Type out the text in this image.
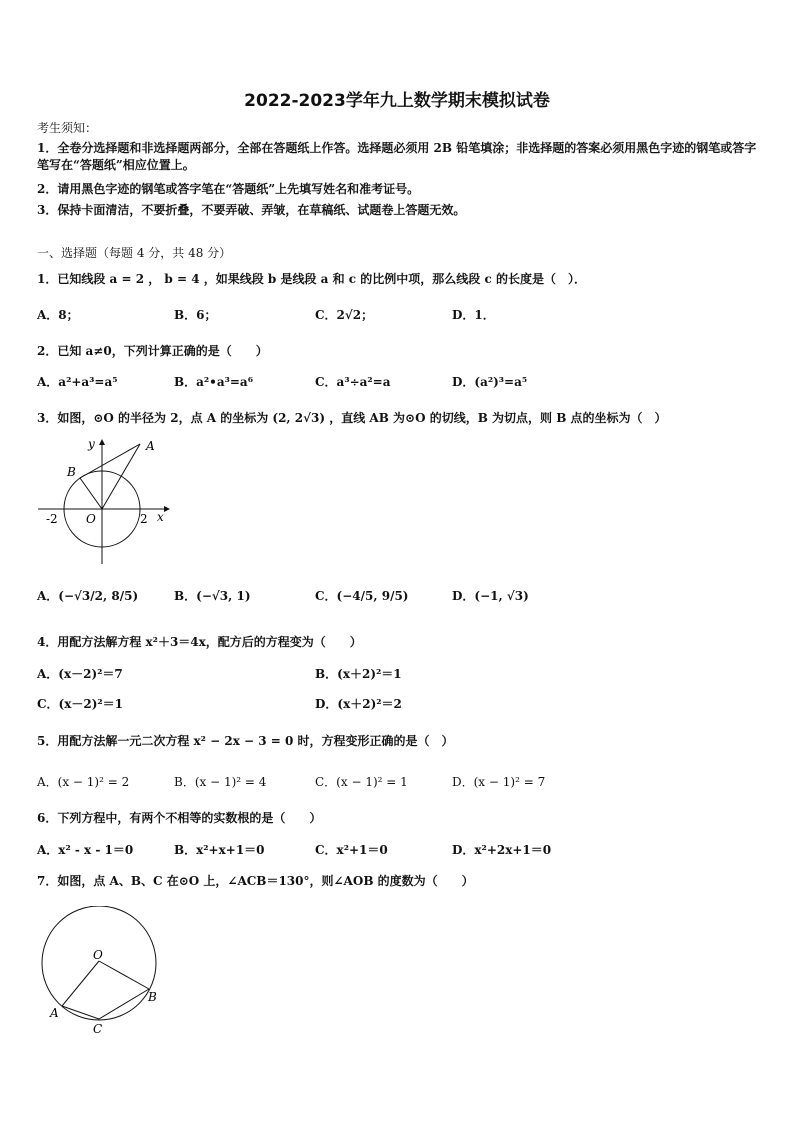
2022-2023学年九上数学期末模拟试卷
考生须知：
1．全卷分选择题和非选择题两部分，全部在答题纸上作答。选择题必须用 2B 铅笔填涂；非选择题的答案必须用黑色字迹的钢笔或答字笔写在“答题纸”相应位置上。
2．请用黑色字迹的钢笔或答字笔在“答题纸”上先填写姓名和准考证号。
3．保持卡面清洁，不要折叠，不要弄破、弄皱，在草稿纸、试题卷上答题无效。
一、选择题（每题 4 分，共 48 分）
1．已知线段 a = 2 ， b = 4 ，如果线段 b 是线段 a 和 c 的比例中项，那么线段 c 的长度是（　）．
A．8；	B．6；	C．2√2；	D．1．
2．已知 a≠0，下列计算正确的是（　　）
A．a²+a³=a⁵	B．a²•a³=a⁶	C．a³÷a²=a	D．(a²)³=a⁵
3．如图，⊙O 的半径为 2，点 A 的坐标为 (2, 2√3) ，直线 AB 为⊙O 的切线，B 为切点，则 B 点的坐标为（　）
y	A
B
-2 O	2 x
A．(−√3/2, 8/5)	B．(−√3, 1)	C．(−4/5, 9/5)	D．(−1, √3)
4．用配方法解方程 x²＋3＝4x，配方后的方程变为（　　）
A．(x－2)²＝7	B．(x＋2)²＝1
C．(x－2)²＝1	D．(x＋2)²＝2
5．用配方法解一元二次方程 x² − 2x − 3 = 0 时，方程变形正确的是（　）
A．(x − 1)² = 2	B．(x − 1)² = 4	C．(x − 1)² = 1	D．(x − 1)² = 7
6．下列方程中，有两个不相等的实数根的是（　　）
A．x² - x - 1＝0	B．x²+x+1＝0	C．x²+1＝0	D．x²+2x+1＝0
7．如图，点 A、B、C 在⊙O 上，∠ACB＝130°，则∠AOB 的度数为（　　）
O
A
B
C
